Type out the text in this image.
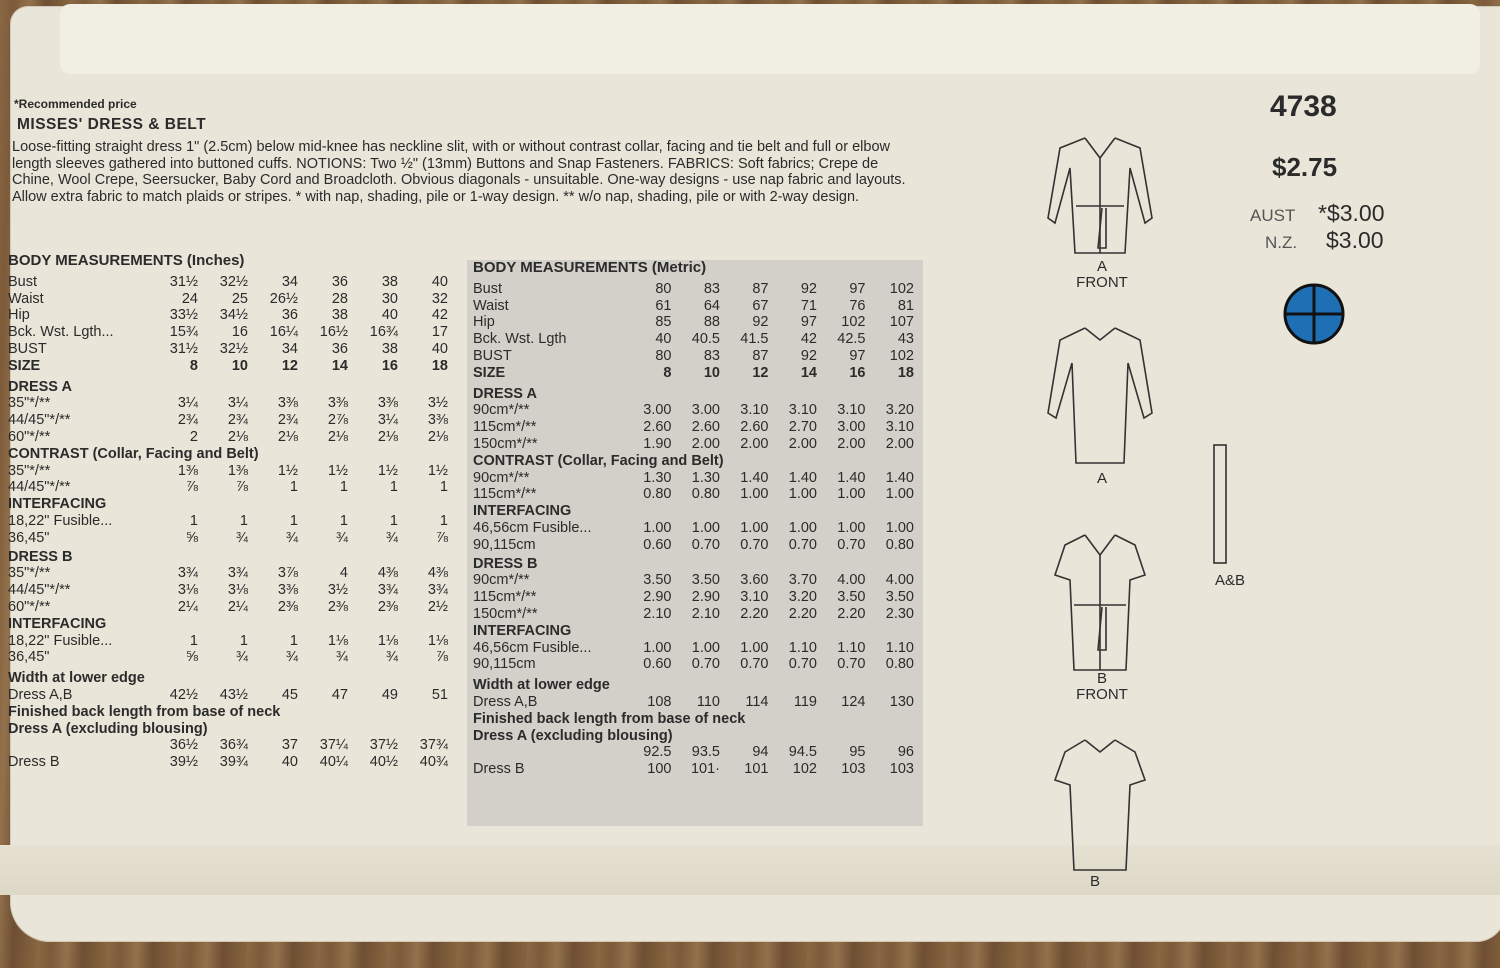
*Recommended price
MISSES' DRESS & BELT
Loose-fitting straight dress 1" (2.5cm) below mid-knee has neckline slit, with or without contrast collar, facing and tie belt and full or elbow length sleeves gathered into buttoned cuffs. NOTIONS: Two ½" (13mm) Buttons and Snap Fasteners. FABRICS: Soft fabrics; Crepe de Chine, Wool Crepe, Seersucker, Baby Cord and Broadcloth. Obvious diagonals - unsuitable. One-way designs - use nap fabric and layouts. Allow extra fabric to match plaids or stripes. * with nap, shading, pile or 1-way design. ** w/o nap, shading, pile or with 2-way design.
BODY MEASUREMENTS (Inches)
Bust	31½	32½	34	36	38	40
Waist	24	25	26½	28	30	32
Hip	33½	34½	36	38	40	42
Bck. Wst. Lgth...	15¾	16	16¼	16½	16¾	17
BUST	31½	32½	34	36	38	40
SIZE	8	10	12	14	16	18
DRESS A
35"*/**	3¼	3¼	3⅜	3⅜	3⅜	3½
44/45"*/**	2¾	2¾	2¾	2⅞	3¼	3⅜
60"*/**	2	2⅛	2⅛	2⅛	2⅛	2⅛
CONTRAST (Collar, Facing and Belt)
35"*/**	1⅜	1⅜	1½	1½	1½	1½
44/45"*/**	⅞	⅞	1	1	1	1
INTERFACING
18,22" Fusible...	1	1	1	1	1	1
36,45"	⅝	¾	¾	¾	¾	⅞
DRESS B
35"*/**	3¾	3¾	3⅞	4	4⅜	4⅜
44/45"*/**	3⅛	3⅛	3⅜	3½	3¾	3¾
60"*/**	2¼	2¼	2⅜	2⅜	2⅜	2½
INTERFACING
18,22" Fusible...	1	1	1	1⅛	1⅛	1⅛
36,45"	⅝	¾	¾	¾	¾	⅞
Width at lower edge
Dress A,B	42½	43½	45	47	49	51
Finished back length from base of neck
Dress A (excluding blousing)
36½	36¾	37	37¼	37½	37¾
Dress B	39½	39¾	40	40¼	40½	40¾
BODY MEASUREMENTS (Metric)
Bust	80	83	87	92	97	102
Waist	61	64	67	71	76	81
Hip	85	88	92	97	102	107
Bck. Wst. Lgth	40	40.5	41.5	42	42.5	43
BUST	80	83	87	92	97	102
SIZE	8	10	12	14	16	18
DRESS A
90cm*/**	3.00	3.00	3.10	3.10	3.10	3.20
115cm*/**	2.60	2.60	2.60	2.70	3.00	3.10
150cm*/**	1.90	2.00	2.00	2.00	2.00	2.00
CONTRAST (Collar, Facing and Belt)
90cm*/**	1.30	1.30	1.40	1.40	1.40	1.40
115cm*/**	0.80	0.80	1.00	1.00	1.00	1.00
INTERFACING
46,56cm Fusible...	1.00	1.00	1.00	1.00	1.00	1.00
90,115cm	0.60	0.70	0.70	0.70	0.70	0.80
DRESS B
90cm*/**	3.50	3.50	3.60	3.70	4.00	4.00
115cm*/**	2.90	2.90	3.10	3.20	3.50	3.50
150cm*/**	2.10	2.10	2.20	2.20	2.20	2.30
INTERFACING
46,56cm Fusible...	1.00	1.00	1.00	1.10	1.10	1.10
90,115cm	0.60	0.70	0.70	0.70	0.70	0.80
Width at lower edge
Dress A,B	108	110	114	119	124	130
Finished back length from base of neck
Dress A (excluding blousing)
92.5	93.5	94	94.5	95	96
Dress B	100	101·	101	102	103	103
4738
$2.75
AUST *$3.00
N.Z. $3.00
A
FRONT
A
A&B
B
FRONT
B
